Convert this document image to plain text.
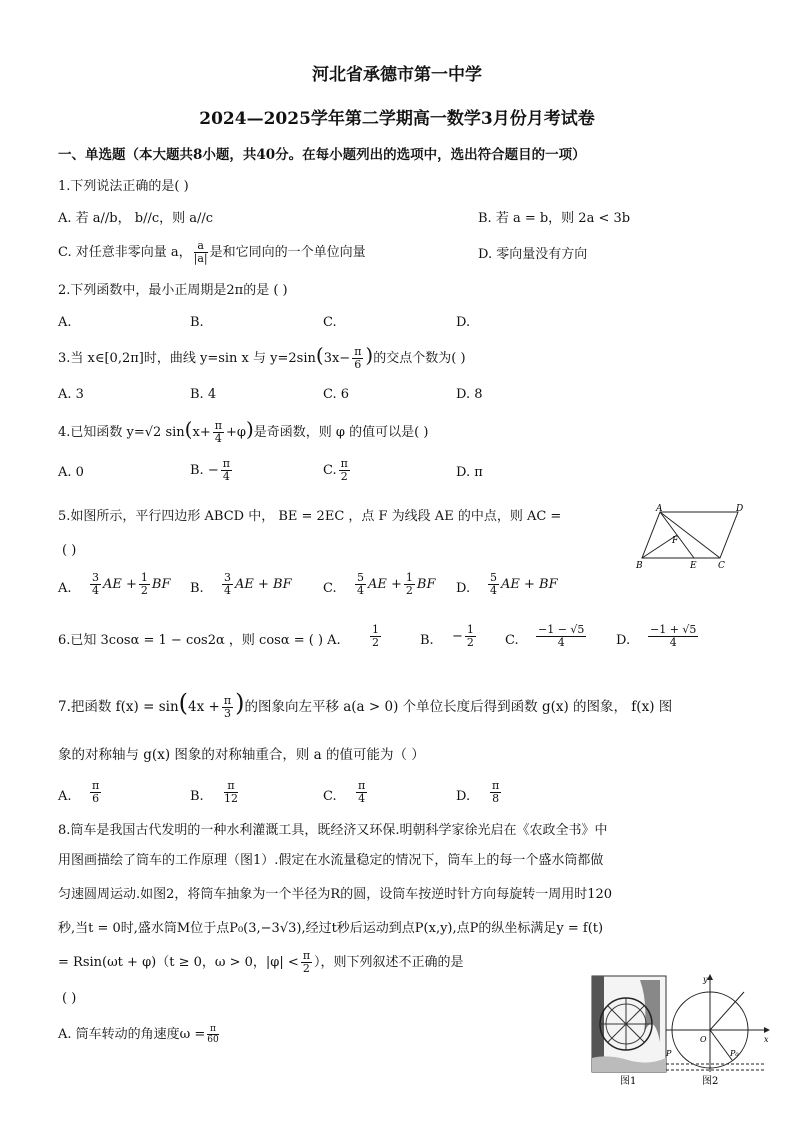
河北省承德市第一中学
2024—2025学年第二学期高一数学3月份月考试卷
一、单选题（本大题共8小题，共40分。在每小题列出的选项中，选出符合题目的一项）
1.下列说法正确的是( )
A. 若 a//b， b//c，则 a//c	B. 若 a = b，则 2a < 3b
C. 对任意非零向量 a， $\frac{a}{|a|}$ 是和它同向的一个单位向量	D. 零向量没有方向
2.下列函数中，最小正周期是2π的是 ( )
A.	B.	C.	D.
3.当 x∈[0,2π]时，曲线 y=sin x 与 $y=2\sin(3x- \frac{\pi}{6}$ )的交点个数为( )
A. 3	B. 4	C. 6	D. 8
4.已知函数 y=√2 $\sin(x+ \frac{\pi}{4} +\varphi)$是奇函数，则 φ 的值可以是( )
A. 0	B. − $\frac{\pi}{4}$	C. $\frac{\pi}{2}$	D. π
5.如图所示，平行四边形 ABCD 中， BE = 2EC ，点 F 为线段 AE 的中点，则 AC =
( )
A	D
B	E C
F
A. $\frac{3}{4}$ AE + $\frac{1}{2}$ BF B. $\frac{3}{4}$ AE + BF C. $\frac{5}{4}$ AE + $\frac{1}{2}$ BF D. $\frac{5}{4}$ AE + BF
6.已知 3cosα = 1 − cos2α ，则 cosα = ( ) A.	$\frac{1}{2}$	B. − $\frac{1}{2} C$. $\frac{-1 - √5}{4} D$. $\frac{-1 + √5}{4}$
7.把函数 $f(x) = \sin(4x + \frac{\pi}{3}$ )的图象向左平移 a(a > 0) 个单位长度后得到函数 g(x) 的图象， f(x) 图
象的对称轴与 g(x) 图象的对称轴重合，则 a 的值可能为（ ）
A. $\frac{\pi}{6}$	B. $\frac{\pi}{12}$	C. $\frac{\pi}{4}$	D. $\frac{\pi}{8}$
8.筒车是我国古代发明的一种水利灌溉工具，既经济又环保.明朝科学家徐光启在《农政全书》中
用图画描绘了筒车的工作原理（图1）.假定在水流量稳定的情况下，筒车上的每一个盛水筒都做
匀速圆周运动.如图2，将筒车抽象为一个半径为R的圆，设筒车按逆时针方向每旋转一周用时120
秒,当t = 0时,盛水筒M位于点P₀(3,−3√3),经过t秒后运动到点P(x,y),点P的纵坐标满足y = f(t)
= Rsin(ωt + φ)（t ≥ 0，ω > 0，$|\varphi| < \frac{\pi}{2}$ ），则下列叙述不正确的是
( )
A. 筒车转动的角速度$\omega = \frac{\pi}{60}$
图1
y
x
O
P	P₀
图2
